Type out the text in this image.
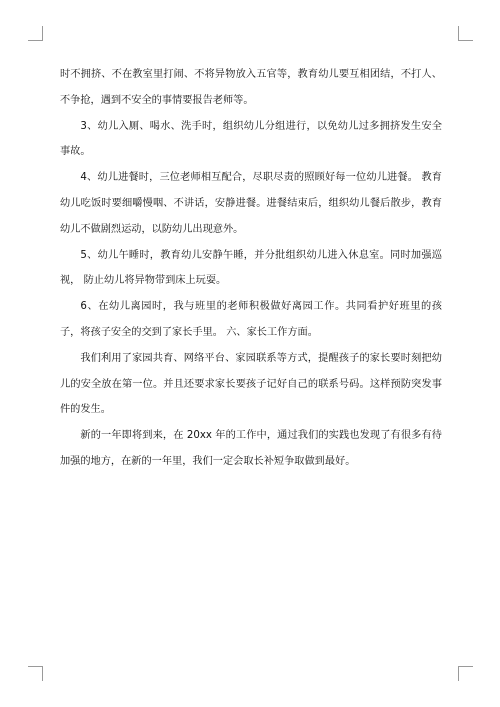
时不拥挤、不在教室里打闹、不将异物放入五官等，教育幼儿要互相团结，不打人、不争抢，遇到不安全的事情要报告老师等。

3、幼儿入厕、喝水、洗手时，组织幼儿分组进行，以免幼儿过多拥挤发生安全事故。

4、幼儿进餐时，三位老师相互配合，尽职尽责的照顾好每一位幼儿进餐。 教育幼儿吃饭时要细嚼慢咽、不讲话，安静进餐。进餐结束后，组织幼儿餐后散步，教育幼儿不做剧烈运动，以防幼儿出现意外。

5、幼儿午睡时，教育幼儿安静午睡，并分批组织幼儿进入休息室。同时加强巡视， 防止幼儿将异物带到床上玩耍。

6、在幼儿离园时，我与班里的老师积极做好离园工作。共同看护好班里的孩子，将孩子安全的交到了家长手里。 六、家长工作方面。

我们利用了家园共育、网络平台、家园联系等方式，提醒孩子的家长要时刻把幼儿的安全放在第一位。并且还要求家长要孩子记好自己的联系号码。这样预防突发事件的发生。

新的一年即将到来，在 20xx 年的工作中，通过我们的实践也发现了有很多有待加强的地方，在新的一年里，我们一定会取长补短争取做到最好。
